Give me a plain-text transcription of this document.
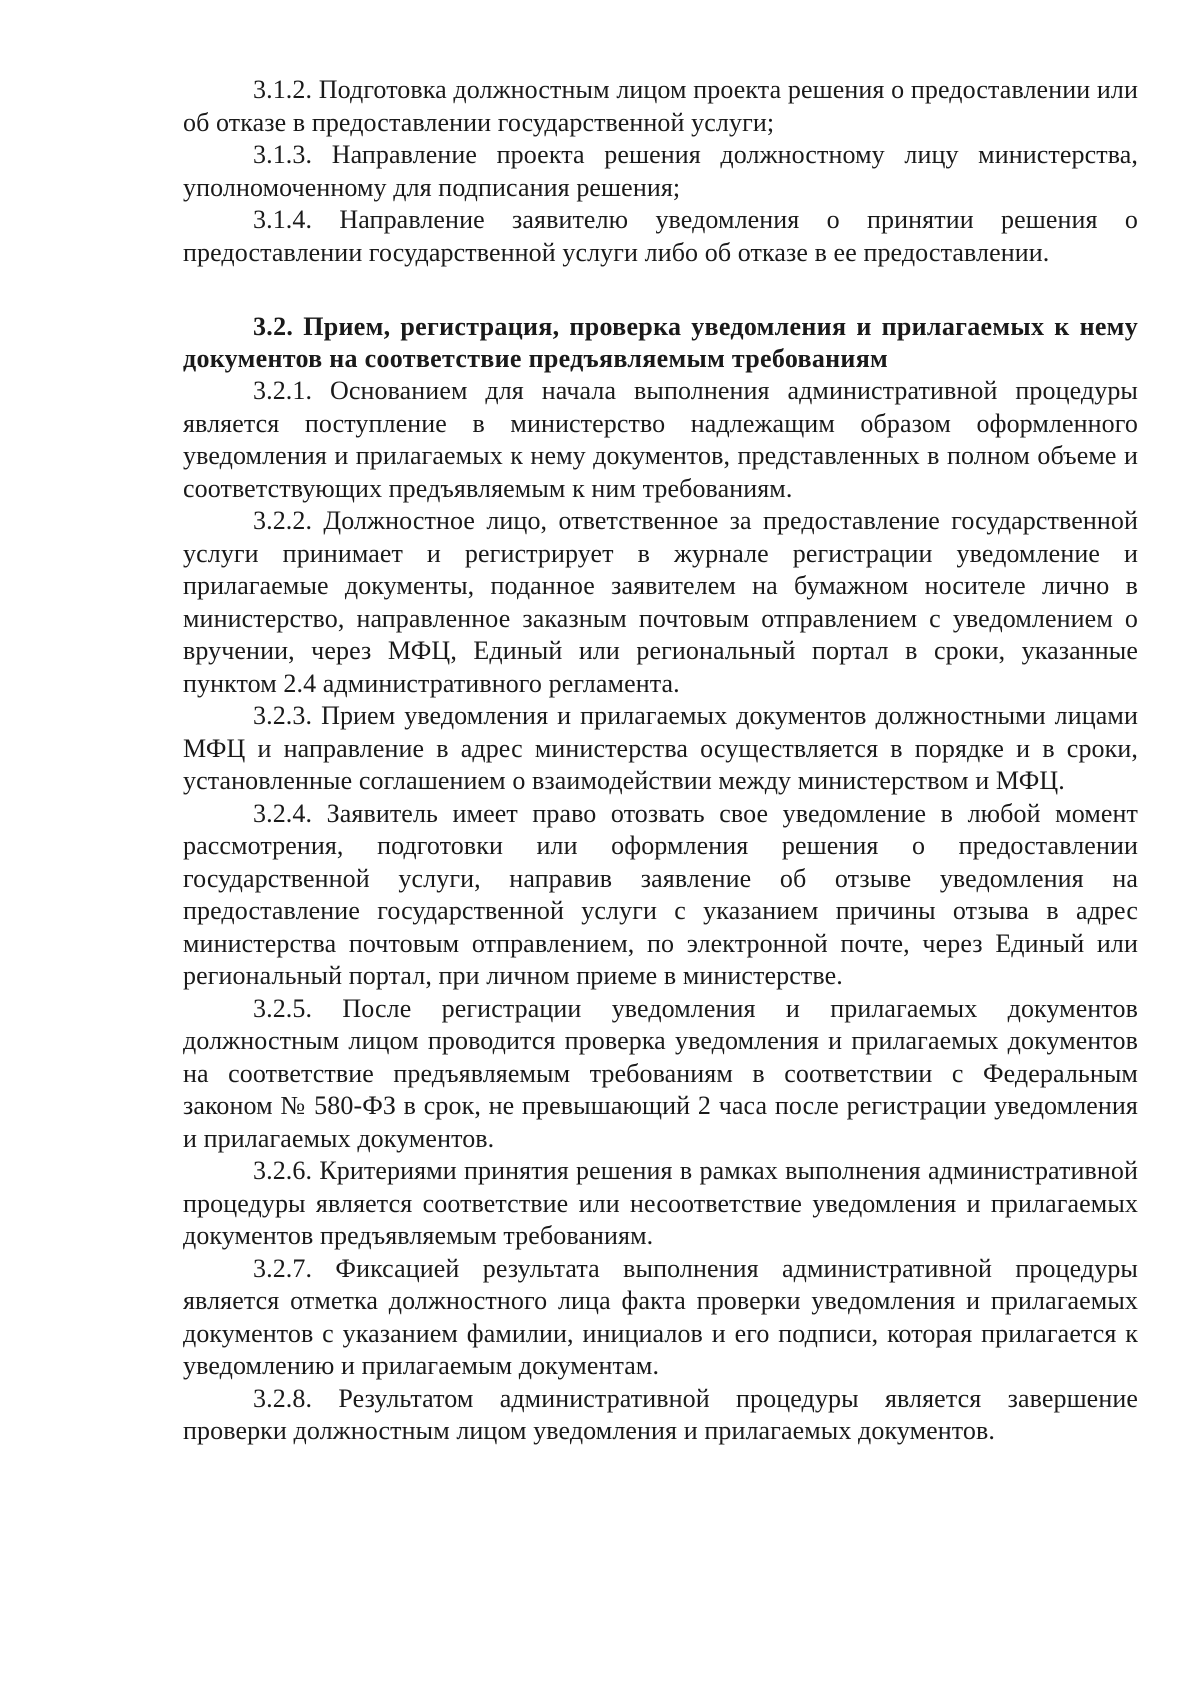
3.1.2. Подготовка должностным лицом проекта решения о предоставлении или об отказе в предоставлении государственной услуги;

3.1.3. Направление проекта решения должностному лицу министерства, уполномоченному для подписания решения;

3.1.4. Направление заявителю уведомления о принятии решения о предоставлении государственной услуги либо об отказе в ее предоставлении.

3.2. Прием, регистрация, проверка уведомления и прилагаемых к нему документов на соответствие предъявляемым требованиям

3.2.1. Основанием для начала выполнения административной процедуры является поступление в министерство надлежащим образом оформленного уведомления и прилагаемых к нему документов, представленных в полном объеме и соответствующих предъявляемым к ним требованиям.

3.2.2. Должностное лицо, ответственное за предоставление государственной услуги принимает и регистрирует в журнале регистрации уведомление и прилагаемые документы, поданное заявителем на бумажном носителе лично в министерство, направленное заказным почтовым отправлением с уведомлением о вручении, через МФЦ, Единый или региональный портал в сроки, указанные пунктом 2.4 административного регламента.

3.2.3. Прием уведомления и прилагаемых документов должностными лицами МФЦ и направление в адрес министерства осуществляется в порядке и в сроки, установленные соглашением о взаимодействии между министерством и МФЦ.

3.2.4. Заявитель имеет право отозвать свое уведомление в любой момент рассмотрения, подготовки или оформления решения о предоставлении государственной услуги, направив заявление об отзыве уведомления на предоставление государственной услуги с указанием причины отзыва в адрес министерства почтовым отправлением, по электронной почте, через Единый или региональный портал, при личном приеме в министерстве.

3.2.5. После регистрации уведомления и прилагаемых документов должностным лицом проводится проверка уведомления и прилагаемых документов на соответствие предъявляемым требованиям в соответствии с Федеральным законом № 580-ФЗ в срок, не превышающий 2 часа после регистрации уведомления и прилагаемых документов.

3.2.6. Критериями принятия решения в рамках выполнения административной процедуры является соответствие или несоответствие уведомления и прилагаемых документов предъявляемым требованиям.

3.2.7. Фиксацией результата выполнения административной процедуры является отметка должностного лица факта проверки уведомления и прилагаемых документов с указанием фамилии, инициалов и его подписи, которая прилагается к уведомлению и прилагаемым документам.

3.2.8. Результатом административной процедуры является завершение проверки должностным лицом уведомления и прилагаемых документов.
